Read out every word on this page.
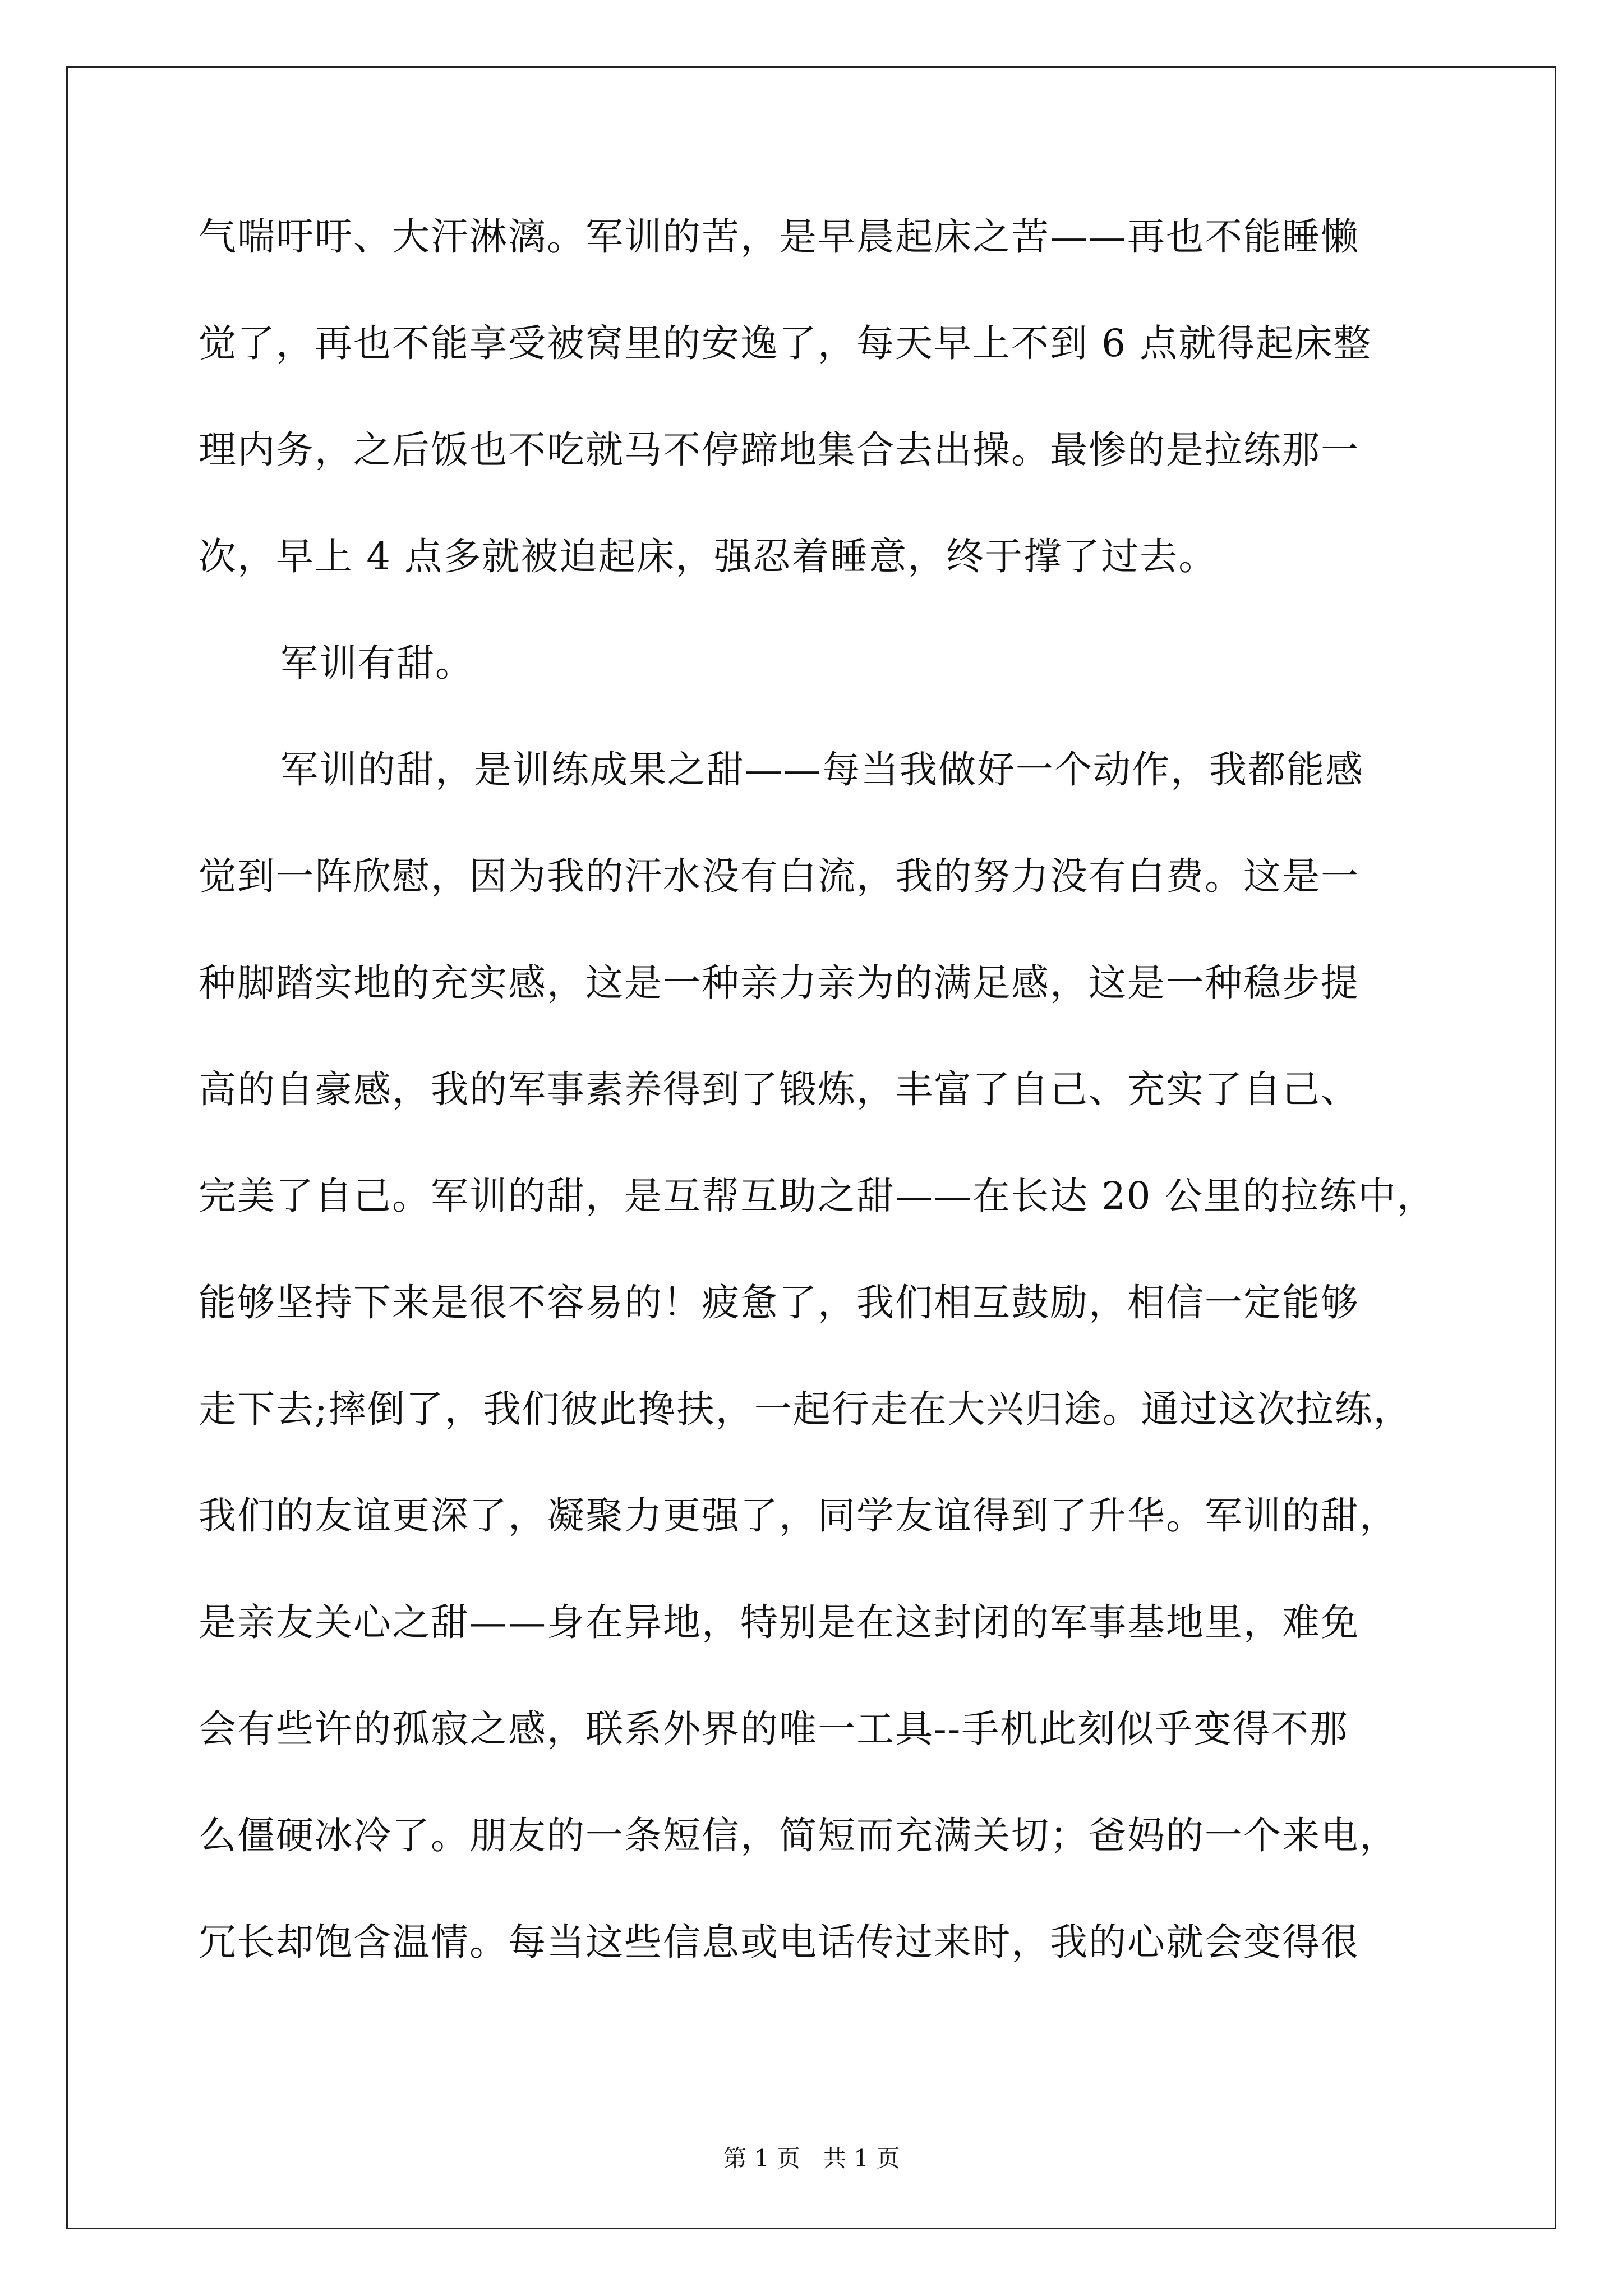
气喘吁吁、大汗淋漓。军训的苦，是早晨起床之苦——再也不能睡懒
觉了，再也不能享受被窝里的安逸了，每天早上不到 6 点就得起床整
理内务，之后饭也不吃就马不停蹄地集合去出操。最惨的是拉练那一
次，早上 4 点多就被迫起床，强忍着睡意，终于撑了过去。
军训有甜。
军训的甜，是训练成果之甜——每当我做好一个动作，我都能感
觉到一阵欣慰，因为我的汗水没有白流，我的努力没有白费。这是一
种脚踏实地的充实感，这是一种亲力亲为的满足感，这是一种稳步提
高的自豪感，我的军事素养得到了锻炼，丰富了自己、充实了自己、
完美了自己。军训的甜，是互帮互助之甜——在长达 20 公里的拉练中，
能够坚持下来是很不容易的！疲惫了，我们相互鼓励，相信一定能够
走下去;摔倒了，我们彼此搀扶，一起行走在大兴归途。通过这次拉练，
我们的友谊更深了，凝聚力更强了，同学友谊得到了升华。军训的甜，
是亲友关心之甜——身在异地，特别是在这封闭的军事基地里，难免
会有些许的孤寂之感，联系外界的唯一工具--手机此刻似乎变得不那
么僵硬冰冷了。朋友的一条短信，简短而充满关切；爸妈的一个来电，
冗长却饱含温情。每当这些信息或电话传过来时，我的心就会变得很
第 1 页   共 1 页
